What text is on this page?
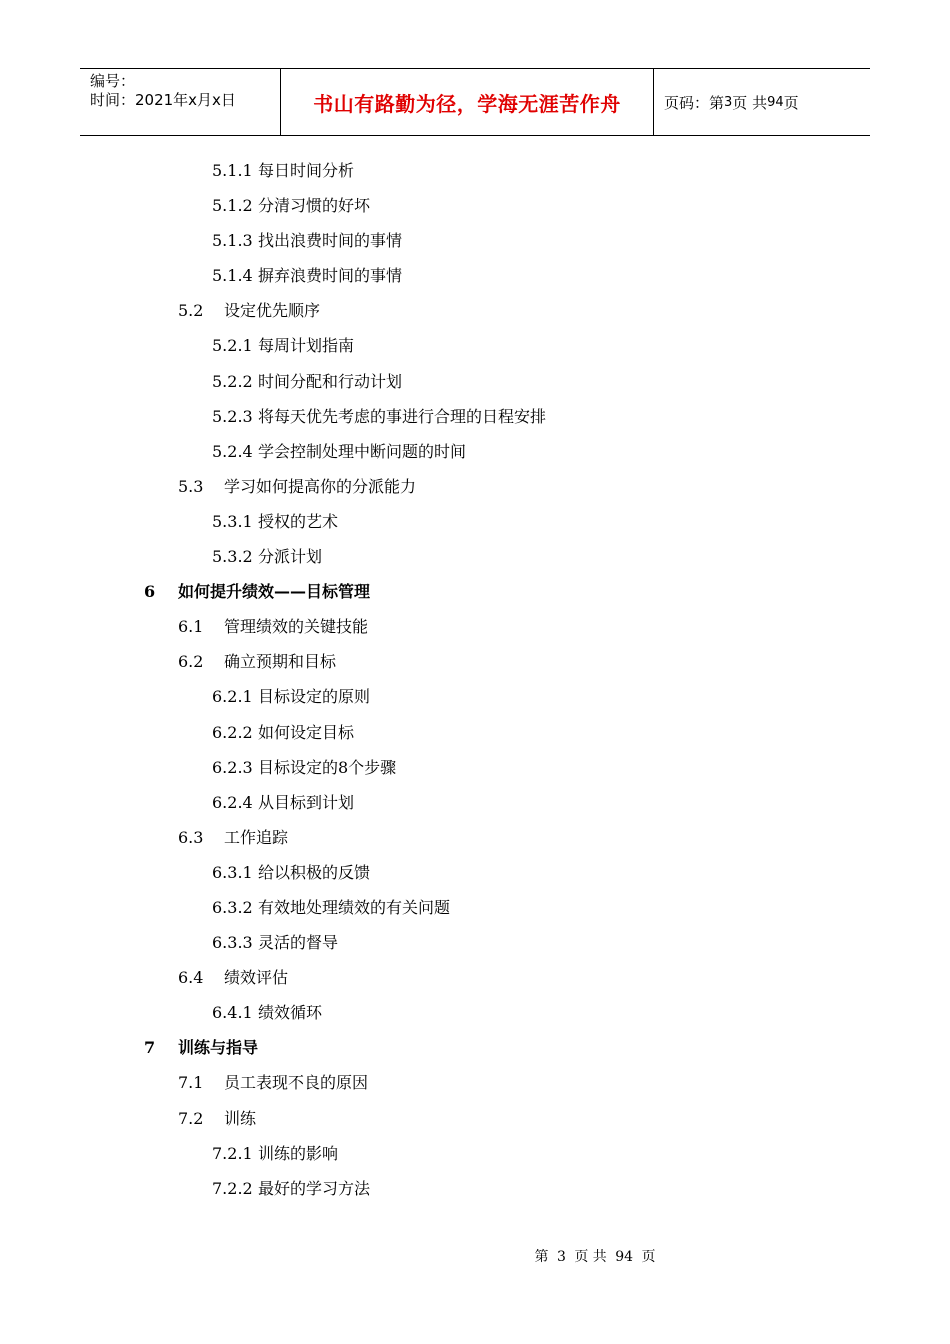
编号：
时间：2021年x月x日	书山有路勤为径，学海无涯苦作舟	页码：第 3 页 共 94 页
5.1.1 每日时间分析
5.1.2 分清习惯的好坏
5.1.3 找出浪费时间的事情
5.1.4 摒弃浪费时间的事情
5.2 设定优先顺序
5.2.1 每周计划指南
5.2.2 时间分配和行动计划
5.2.3 将每天优先考虑的事进行合理的日程安排
5.2.4 学会控制处理中断问题的时间
5.3 学习如何提高你的分派能力
5.3.1 授权的艺术
5.3.2 分派计划
6 如何提升绩效——目标管理
6.1 管理绩效的关键技能
6.2 确立预期和目标
6.2.1 目标设定的原则
6.2.2 如何设定目标
6.2.3 目标设定的8个步骤
6.2.4 从目标到计划
6.3 工作追踪
6.3.1 给以积极的反馈
6.3.2 有效地处理绩效的有关问题
6.3.3 灵活的督导
6.4 绩效评估
6.4.1 绩效循环
7 训练与指导
7.1 员工表现不良的原因
7.2 训练
7.2.1 训练的影响
7.2.2 最好的学习方法
第 3 页 共 94 页
